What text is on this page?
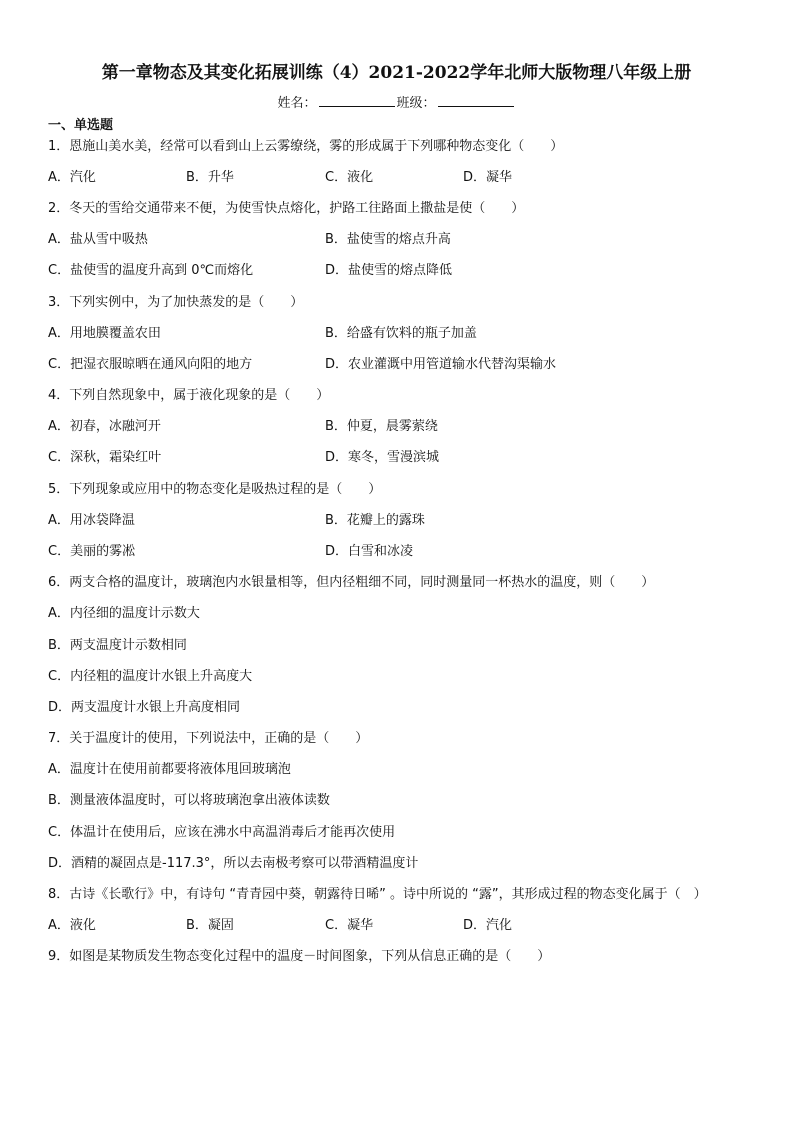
第一章物态及其变化拓展训练（4）2021-2022学年北师大版物理八年级上册
姓名：	班级：
一、单选题
1．恩施山美水美，经常可以看到山上云雾缭绕，雾的形成属于下列哪种物态变化（　　）
A．汽化	B．升华	C．液化	D．凝华
2．冬天的雪给交通带来不便，为使雪快点熔化，护路工往路面上撒盐是使（　　）
A．盐从雪中吸热	B．盐使雪的熔点升高
C．盐使雪的温度升高到 0℃而熔化	D．盐使雪的熔点降低
3．下列实例中，为了加快蒸发的是（　　）
A．用地膜覆盖农田	B．给盛有饮料的瓶子加盖
C．把湿衣服晾晒在通风向阳的地方	D．农业灌溉中用管道输水代替沟渠输水
4．下列自然现象中，属于液化现象的是（　　）
A．初春，冰融河开	B．仲夏，晨雾萦绕
C．深秋，霜染红叶	D．寒冬，雪漫滨城
5．下列现象或应用中的物态变化是吸热过程的是（　　）
A．用冰袋降温	B．花瓣上的露珠
C．美丽的雾凇	D．白雪和冰凌
6．两支合格的温度计，玻璃泡内水银量相等，但内径粗细不同，同时测量同一杯热水的温度，则（　　）
A．内径细的温度计示数大
B．两支温度计示数相同
C．内径粗的温度计水银上升高度大
D．两支温度计水银上升高度相同
7．关于温度计的使用，下列说法中，正确的是（　　）
A．温度计在使用前都要将液体甩回玻璃泡
B．测量液体温度时，可以将玻璃泡拿出液体读数
C．体温计在使用后，应该在沸水中高温消毒后才能再次使用
D．酒精的凝固点是-117.3°，所以去南极考察可以带酒精温度计
8．古诗《长歌行》中，有诗句 “青青园中葵，朝露待日晞” 。诗中所说的 “露”，其形成过程的物态变化属于（　）
A．液化	B．凝固	C．凝华	D．汽化
9．如图是某物质发生物态变化过程中的温度－时间图象，下列从信息正确的是（　　）
